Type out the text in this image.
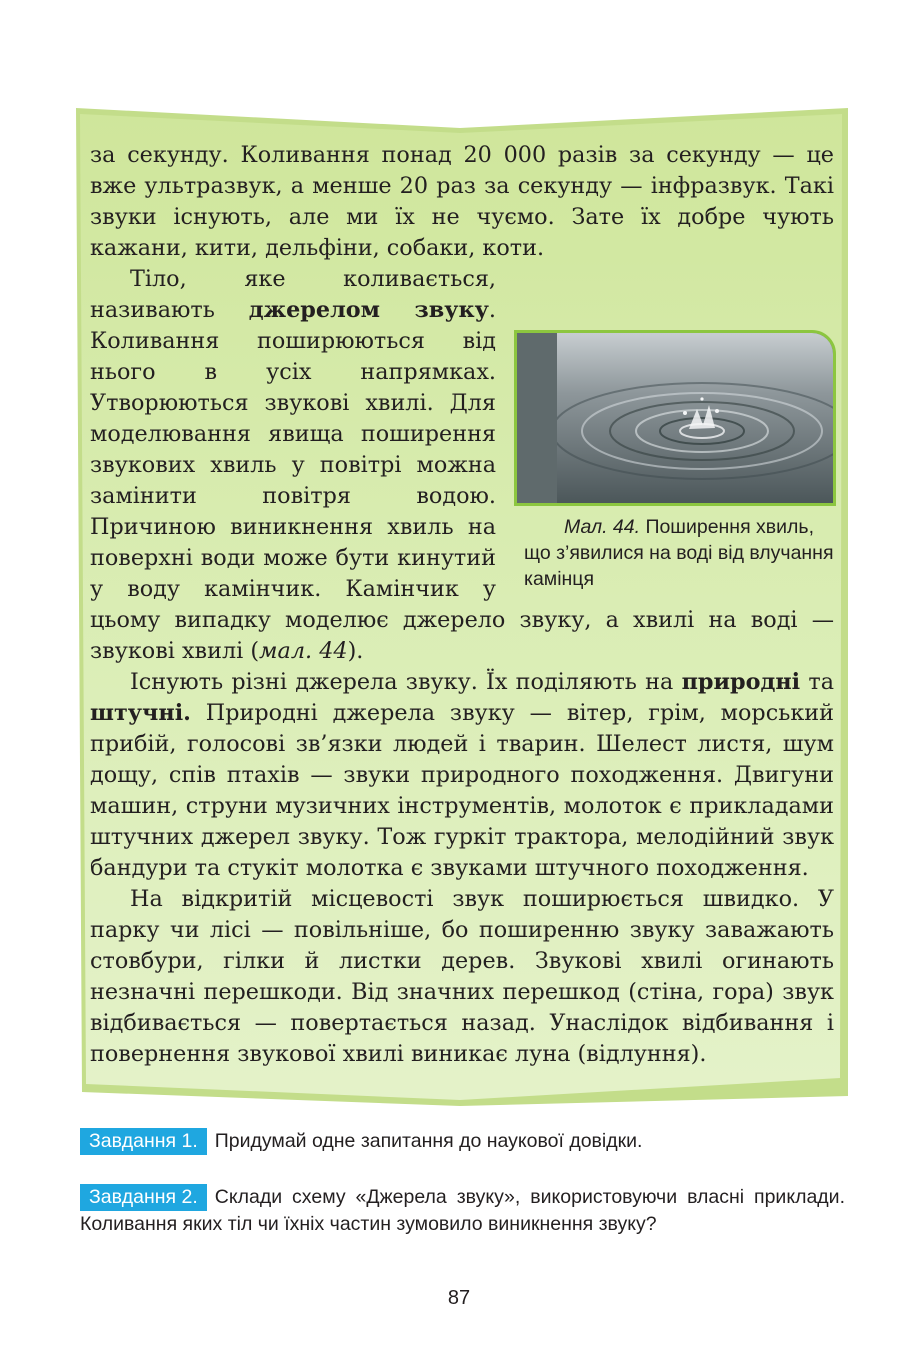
за секунду. Коливання понад 20 000 разів за секунду — це вже ультразвук, а менше 20 раз за секунду — інфразвук. Такі звуки існують, але ми їх не чуємо. Зате їх добре чують кажани, кити, дельфіни, собаки, коти.

Мал. 44. Поширення хвиль, що з’явилися на воді від влучання камінця
Тіло, яке коливається, називають джерелом звуку. Коливання поширюються від нього в усіх напрямках. Утворюються звукові хвилі. Для моделювання явища поширення звукових хвиль у повітрі можна замінити повітря водою. Причиною виникнення хвиль на поверхні води може бути кинутий у воду камінчик. Камінчик у цьому випадку моделює джерело звуку, а хвилі на воді — звукові хвилі (мал. 44).

Існують різні джерела звуку. Їх поділяють на природні та штучні. Природні джерела звуку — вітер, грім, морський прибій, голосові зв’язки людей і тварин. Шелест листя, шум дощу, спів птахів — звуки природного походження. Двигуни машин, струни музичних інструментів, молоток є прикладами штучних джерел звуку. Тож гуркіт трактора, мелодійний звук бандури та стукіт молотка є звуками штучного походження.

На відкритій місцевості звук поширюється швидко. У парку чи лісі — повільніше, бо поширенню звуку заважають стовбури, гілки й листки дерев. Звукові хвилі огинають незначні перешкоди. Від значних перешкод (стіна, гора) звук відбивається — повертається назад. Унаслідок відбивання і повернення звукової хвилі виникає луна (відлуння).

Завдання 1. Придумай одне запитання до наукової довідки.
Завдання 2. Склади схему «Джерела звуку», використовуючи власні приклади. Коливання яких тіл чи їхніх частин зумовило виникнення звуку?
87
